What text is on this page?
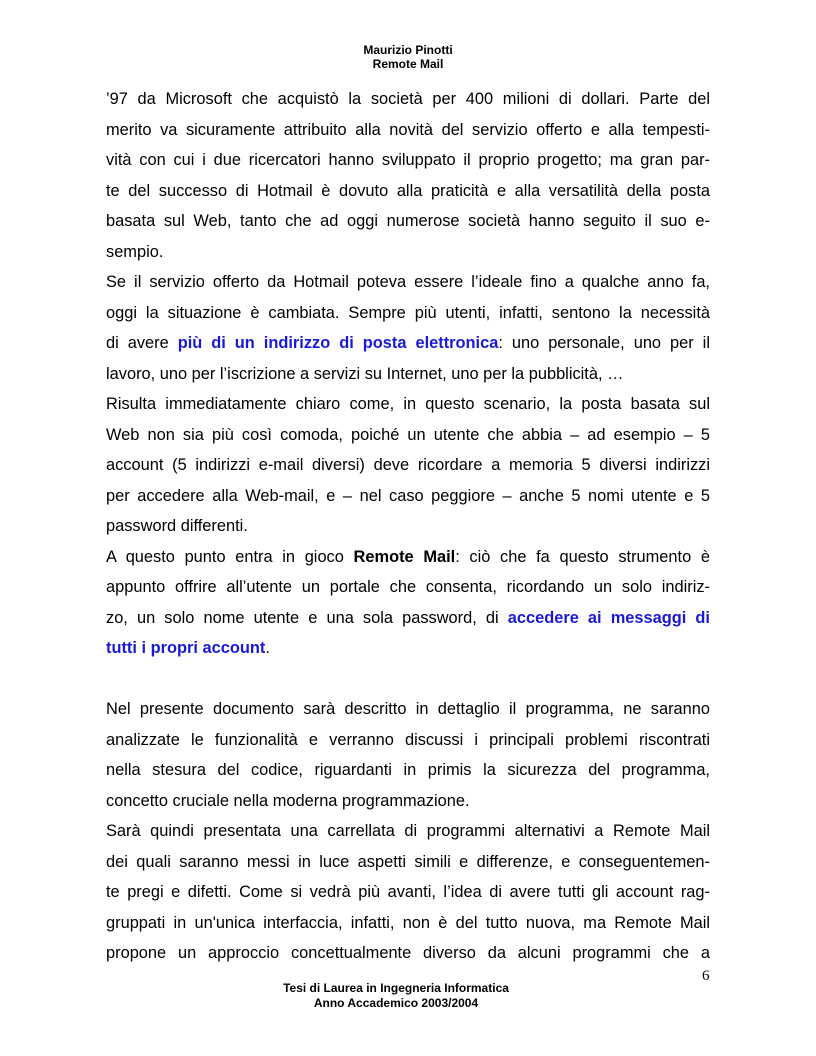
Maurizio Pinotti
Remote Mail

’97 da Microsoft che acquistò la società per 400 milioni di dollari. Parte del

merito va sicuramente attribuito alla novità del servizio offerto e alla tempesti-

vità con cui i due ricercatori hanno sviluppato il proprio progetto; ma gran par-

te del successo di Hotmail è dovuto alla praticità e alla versatilità della posta

basata sul Web, tanto che ad oggi numerose società hanno seguito il suo e-

sempio.

Se il servizio offerto da Hotmail poteva essere l’ideale fino a qualche anno fa,

oggi la situazione è cambiata. Sempre più utenti, infatti, sentono la necessità

di avere più di un indirizzo di posta elettronica: uno personale, uno per il

lavoro, uno per l’iscrizione a servizi su Internet, uno per la pubblicità, …

Risulta immediatamente chiaro come, in questo scenario, la posta basata sul

Web non sia più così comoda, poiché un utente che abbia – ad esempio – 5

account (5 indirizzi e-mail diversi) deve ricordare a memoria 5 diversi indirizzi

per accedere alla Web-mail, e – nel caso peggiore – anche 5 nomi utente e 5

password differenti.

A questo punto entra in gioco Remote Mail: ciò che fa questo strumento è

appunto offrire all’utente un portale che consenta, ricordando un solo indiriz-

zo, un solo nome utente e una sola password, di accedere ai messaggi di

tutti i propri account.

Nel presente documento sarà descritto in dettaglio il programma, ne saranno

analizzate le funzionalità e verranno discussi i principali problemi riscontrati

nella stesura del codice, riguardanti in primis la sicurezza del programma,

concetto cruciale nella moderna programmazione.

Sarà quindi presentata una carrellata di programmi alternativi a Remote Mail

dei quali saranno messi in luce aspetti simili e differenze, e conseguentemen-

te pregi e difetti. Come si vedrà più avanti, l’idea di avere tutti gli account rag-

gruppati in un'unica interfaccia, infatti, non è del tutto nuova, ma Remote Mail

propone un approccio concettualmente diverso da alcuni programmi che a

6
Tesi di Laurea in Ingegneria Informatica
Anno Accademico 2003/2004
